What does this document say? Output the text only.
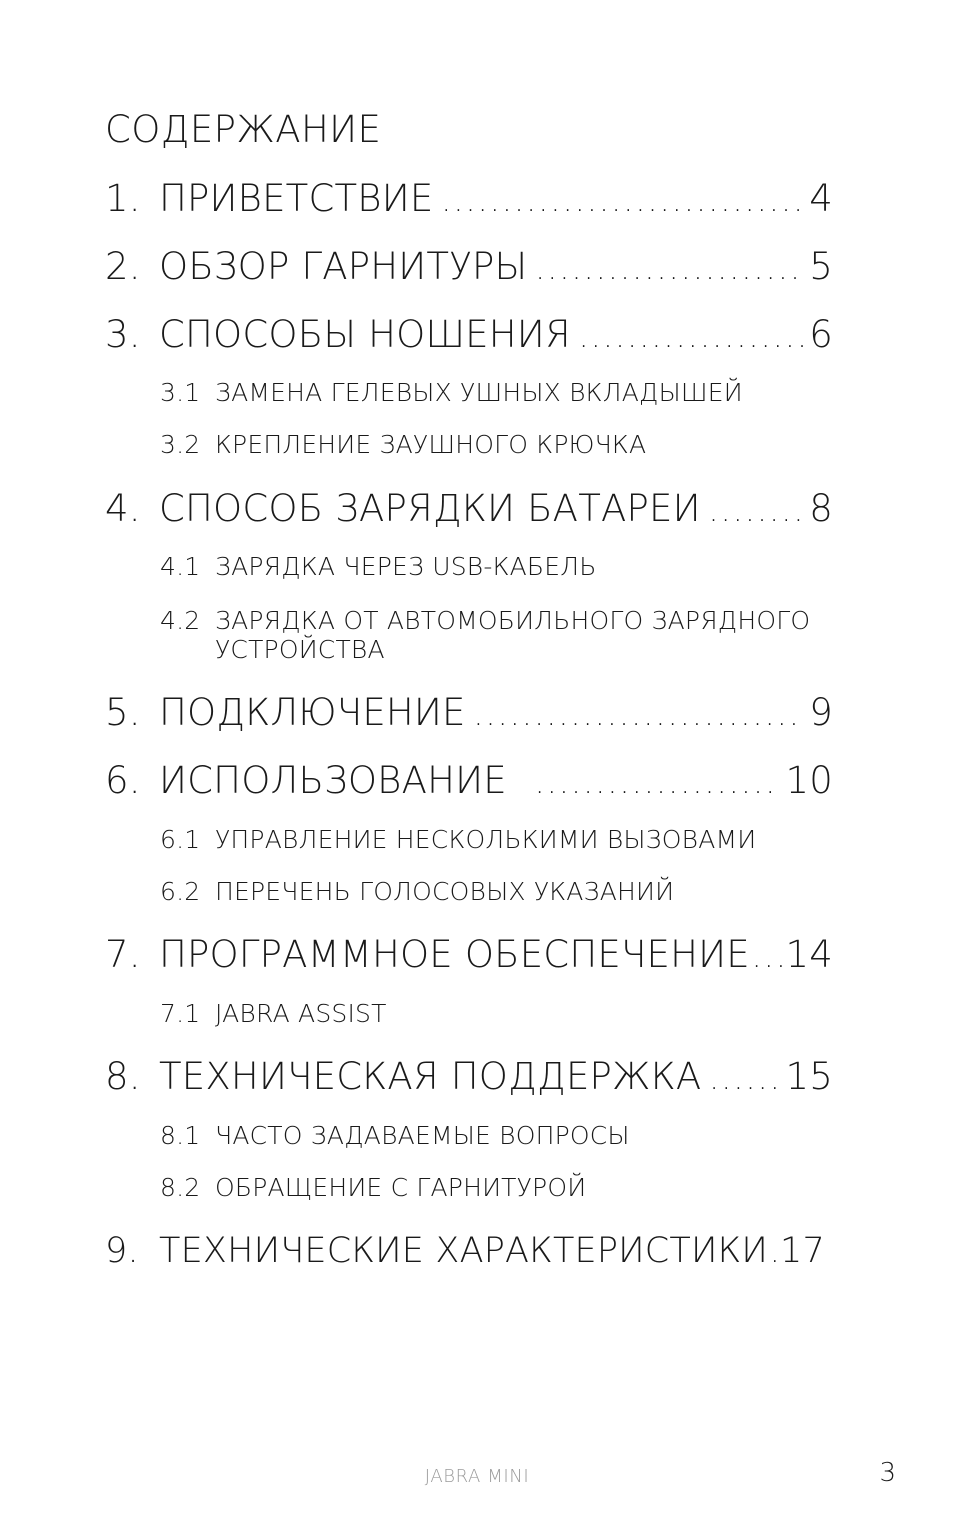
СОДЕРЖАНИЕ
1. ПРИВЕТСТВИЕ .....	4
2. ОБЗОР ГАРНИТУРЫ .....	5
3. СПОСОБЫ НОШЕНИЯ .....	6
3.1 ЗАМЕНА ГЕЛЕВЫХ УШНЫХ ВКЛАДЫШЕЙ
3.2 КРЕПЛЕНИЕ ЗАУШНОГО КРЮЧКА
4. СПОСОБ ЗАРЯДКИ БАТАРЕИ .....	8
4.1 ЗАРЯДКА ЧЕРЕЗ USB-КАБЕЛЬ
4.2 ЗАРЯДКА ОТ АВТОМОБИЛЬНОГО ЗАРЯДНОГО УСТРОЙСТВА
5. ПОДКЛЮЧЕНИЕ .....	9
6. ИСПОЛЬЗОВАНИЕ .....	10
6.1 УПРАВЛЕНИЕ НЕСКОЛЬКИМИ ВЫЗОВАМИ
6.2 ПЕРЕЧЕНЬ ГОЛОСОВЫХ УКАЗАНИЙ
7. ПРОГРАММНОЕ ОБЕСПЕЧЕНИЕ ..... 14
7.1 JABRA ASSIST
8. ТЕХНИЧЕСКАЯ ПОДДЕРЖКА ..... 15
8.1 ЧАСТО ЗАДАВАЕМЫЕ ВОПРОСЫ
8.2 ОБРАЩЕНИЕ С ГАРНИТУРОЙ
9. ТЕХНИЧЕСКИЕ ХАРАКТЕРИСТИКИ ..... 17
JABRA MINI	3
